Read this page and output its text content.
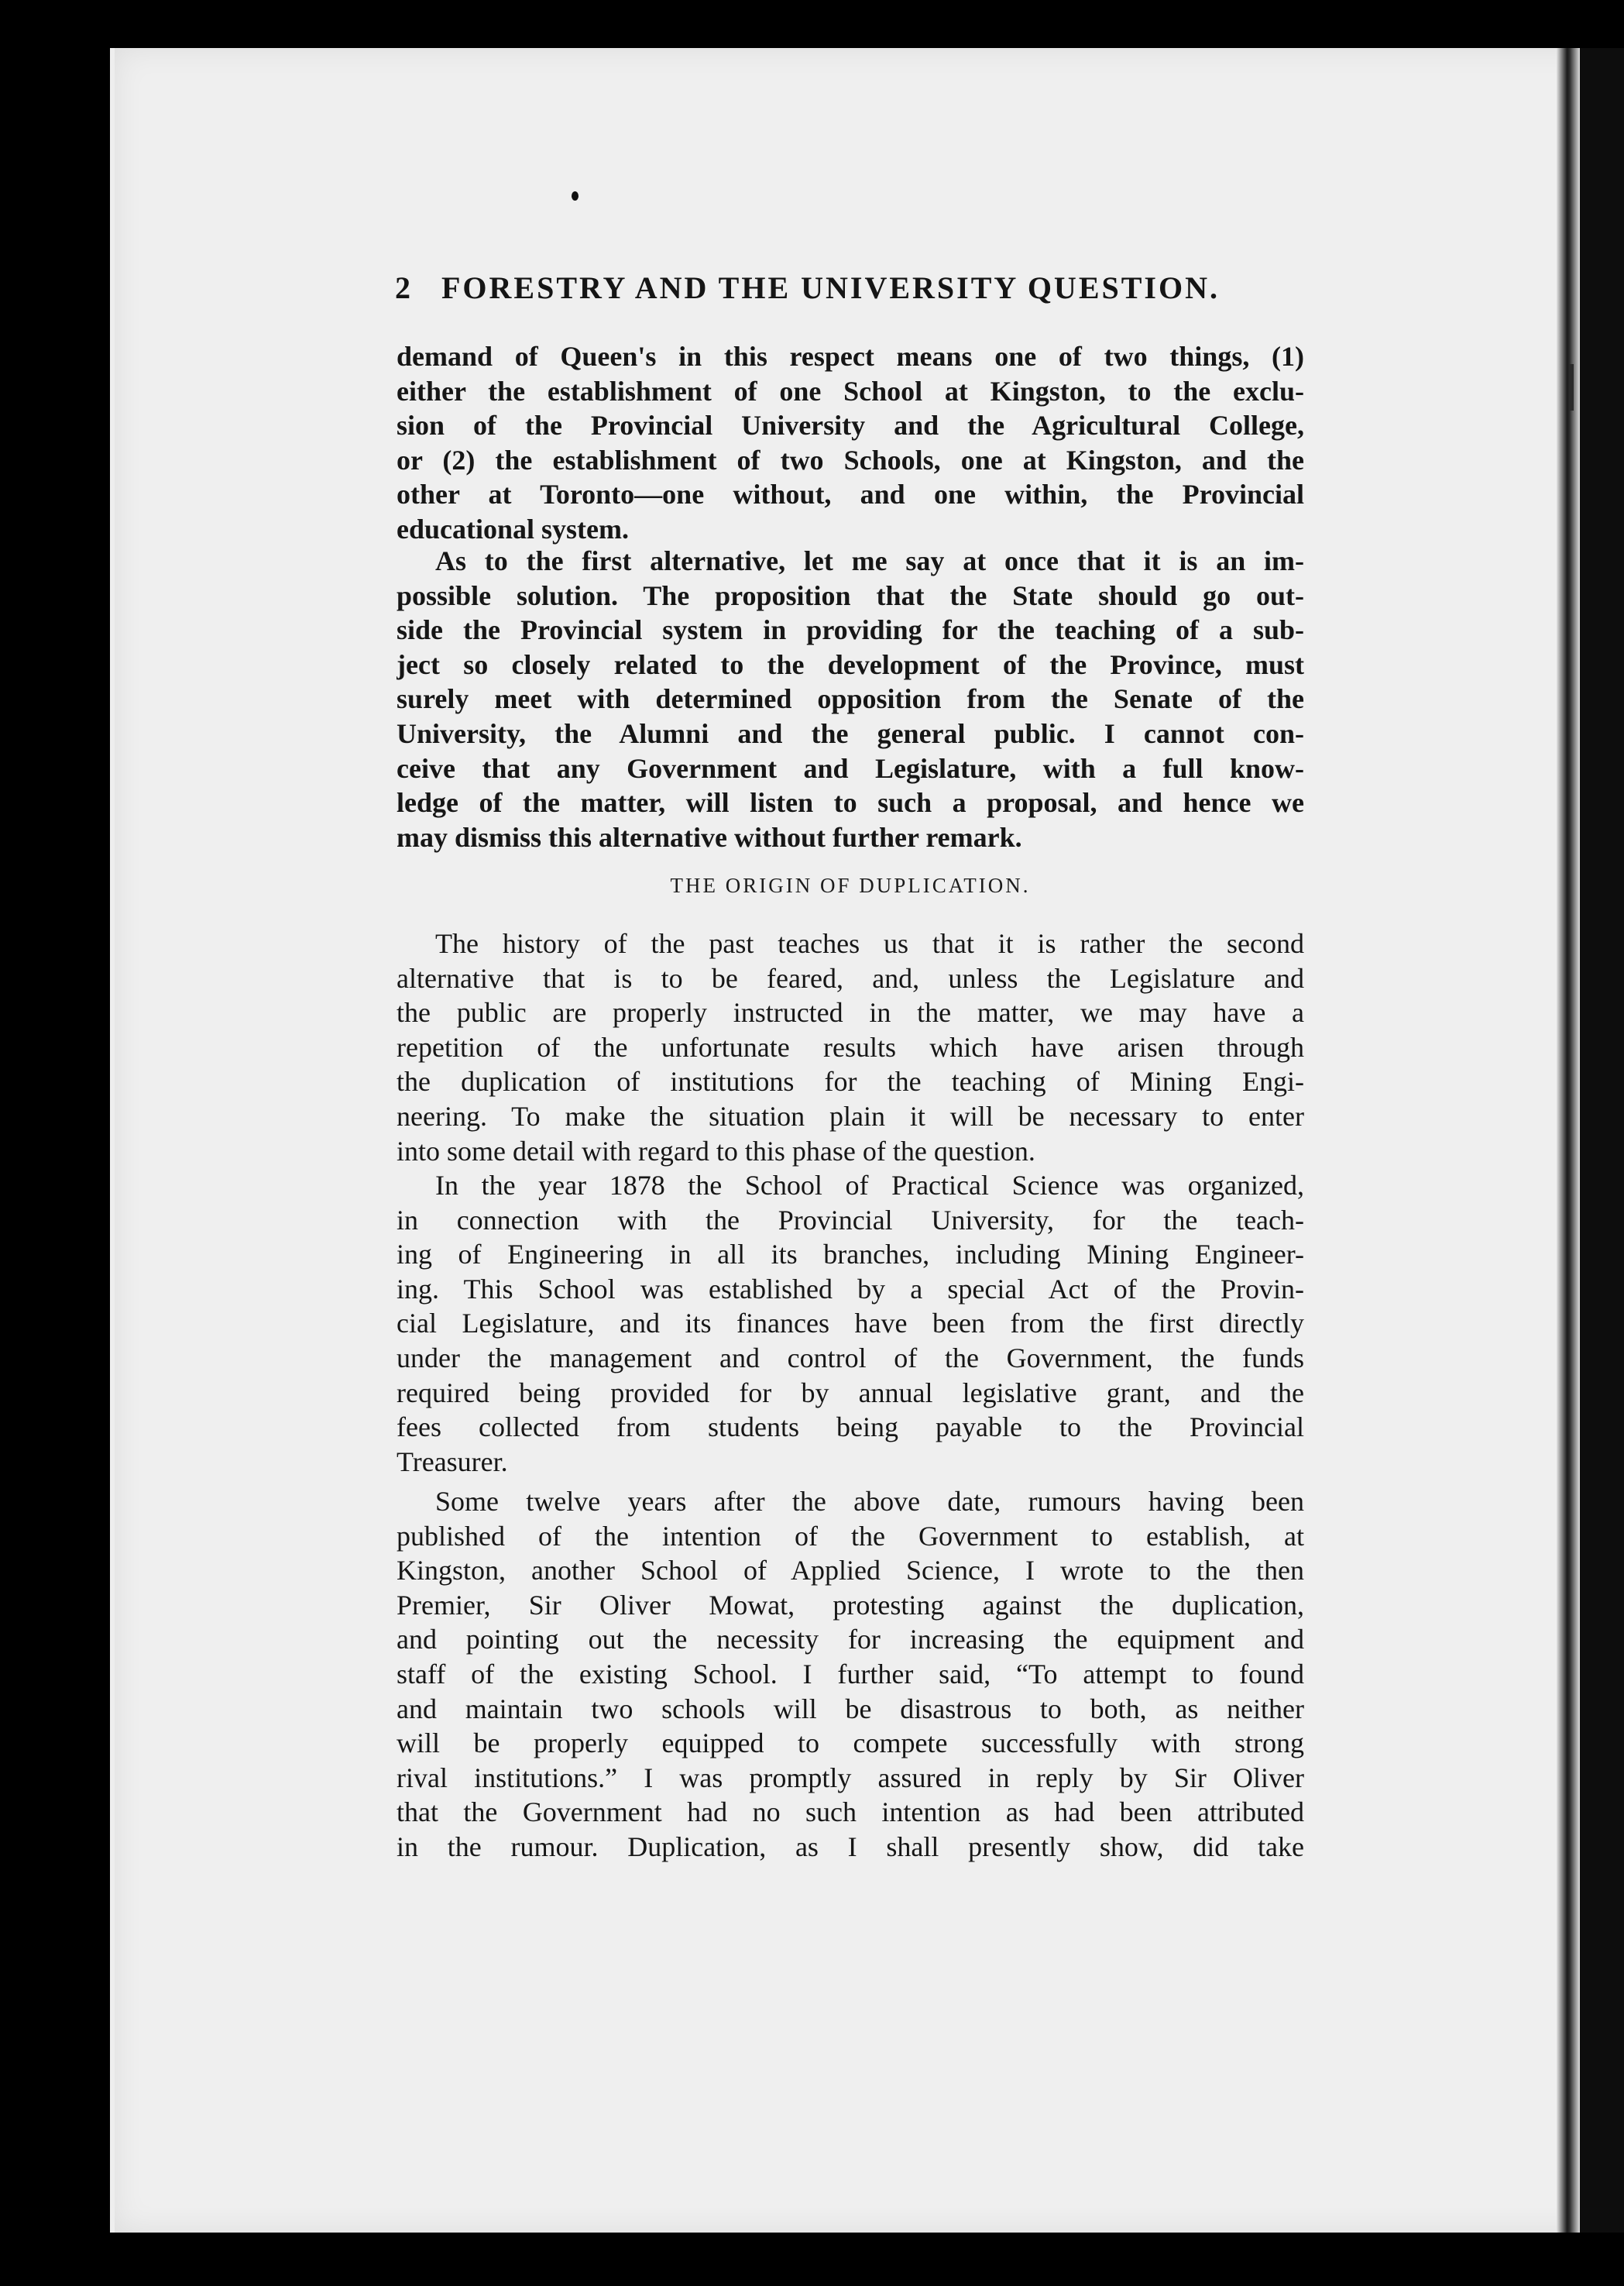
2 FORESTRY AND THE UNIVERSITY QUESTION.
demand of Queen's in this respect means one of two things, (1)
either the establishment of one School at Kingston, to the exclu-
sion of the Provincial University and the Agricultural College,
or (2) the establishment of two Schools, one at Kingston, and the
other at Toronto—one without, and one within, the Provincial
educational system.
As to the first alternative, let me say at once that it is an im-
possible solution. The proposition that the State should go out-
side the Provincial system in providing for the teaching of a sub-
ject so closely related to the development of the Province, must
surely meet with determined opposition from the Senate of the
University, the Alumni and the general public. I cannot con-
ceive that any Government and Legislature, with a full know-
ledge of the matter, will listen to such a proposal, and hence we
may dismiss this alternative without further remark.
THE ORIGIN OF DUPLICATION.
The history of the past teaches us that it is rather the second
alternative that is to be feared, and, unless the Legislature and
the public are properly instructed in the matter, we may have a
repetition of the unfortunate results which have arisen through
the duplication of institutions for the teaching of Mining Engi-
neering. To make the situation plain it will be necessary to enter
into some detail with regard to this phase of the question.
In the year 1878 the School of Practical Science was organized,
in connection with the Provincial University, for the teach-
ing of Engineering in all its branches, including Mining Engineer-
ing. This School was established by a special Act of the Provin-
cial Legislature, and its finances have been from the first directly
under the management and control of the Government, the funds
required being provided for by annual legislative grant, and the
fees collected from students being payable to the Provincial
Treasurer.
Some twelve years after the above date, rumours having been
published of the intention of the Government to establish, at
Kingston, another School of Applied Science, I wrote to the then
Premier, Sir Oliver Mowat, protesting against the duplication,
and pointing out the necessity for increasing the equipment and
staff of the existing School. I further said, “To attempt to found
and maintain two schools will be disastrous to both, as neither
will be properly equipped to compete successfully with strong
rival institutions.” I was promptly assured in reply by Sir Oliver
that the Government had no such intention as had been attributed
in the rumour. Duplication, as I shall presently show, did take
